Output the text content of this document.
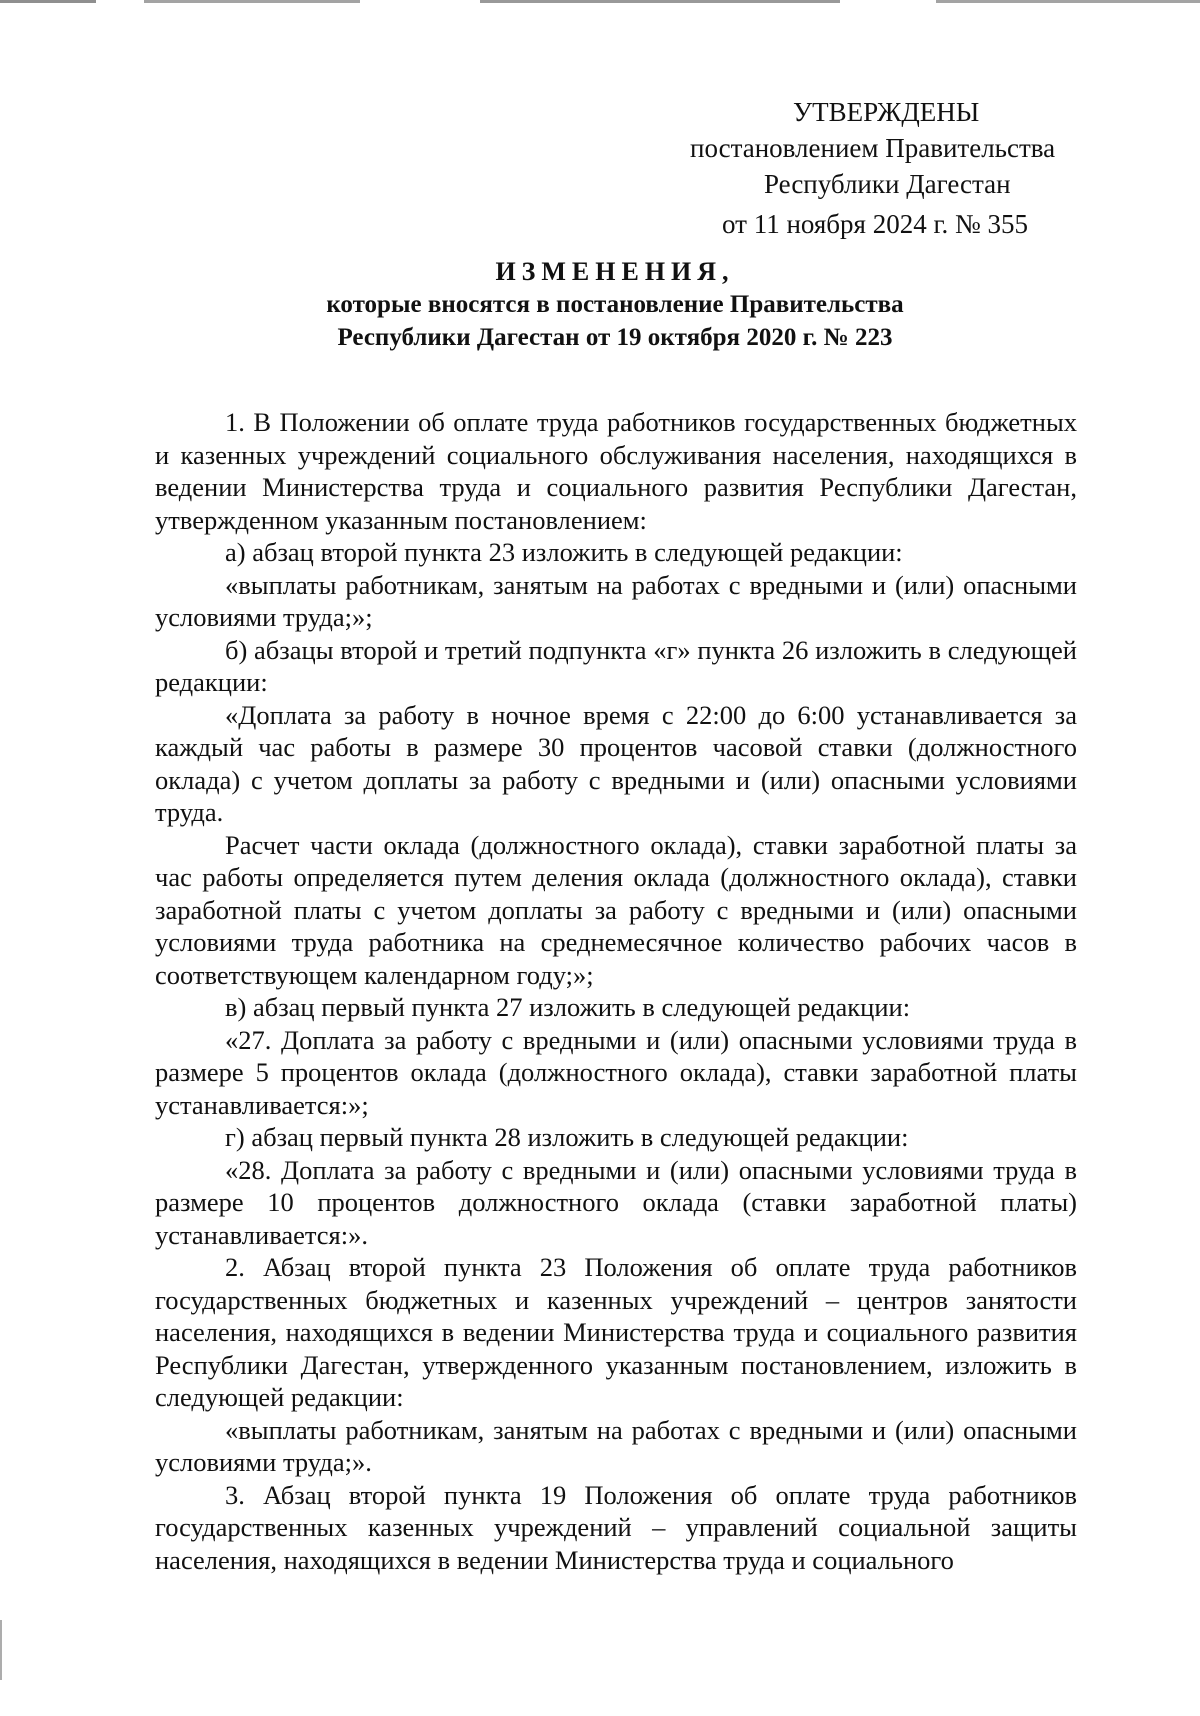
УТВЕРЖДЕНЫ
постановлением Правительства
Республики Дагестан
от 11 ноября 2024 г. № 355
ИЗМЕНЕНИЯ,
которые вносятся в постановление Правительства
Республики Дагестан от 19 октября 2020 г. № 223

1. В Положении об оплате труда работников государственных бюджетных и казенных учреждений социального обслуживания населения, находящихся в ведении Министерства труда и социального развития Республики Дагестан, утвержденном указанным постановлением:

а) абзац второй пункта 23 изложить в следующей редакции:

«выплаты работникам, занятым на работах с вредными и (или) опасными условиями труда;»;

б) абзацы второй и третий подпункта «г» пункта 26 изложить в следующей редакции:

«Доплата за работу в ночное время с 22:00 до 6:00 устанавливается за каждый час работы в размере 30 процентов часовой ставки (должностного оклада) с учетом доплаты за работу с вредными и (или) опасными условиями труда.

Расчет части оклада (должностного оклада), ставки заработной платы за час работы определяется путем деления оклада (должностного оклада), ставки заработной платы с учетом доплаты за работу с вредными и (или) опасными условиями труда работника на среднемесячное количество рабочих часов в соответствующем календарном году;»;

в) абзац первый пункта 27 изложить в следующей редакции:

«27. Доплата за работу с вредными и (или) опасными условиями труда в размере 5 процентов оклада (должностного оклада), ставки заработной платы устанавливается:»;

г) абзац первый пункта 28 изложить в следующей редакции:

«28. Доплата за работу с вредными и (или) опасными условиями труда в размере 10 процентов должностного оклада (ставки заработной платы) устанавливается:».

2. Абзац второй пункта 23 Положения об оплате труда работников государственных бюджетных и казенных учреждений – центров занятости населения, находящихся в ведении Министерства труда и социального развития Республики Дагестан, утвержденного указанным постановлением, изложить в следующей редакции:

«выплаты работникам, занятым на работах с вредными и (или) опасными условиями труда;».

3. Абзац второй пункта 19 Положения об оплате труда работников государственных казенных учреждений – управлений социальной защиты населения, находящихся в ведении Министерства труда и социального
